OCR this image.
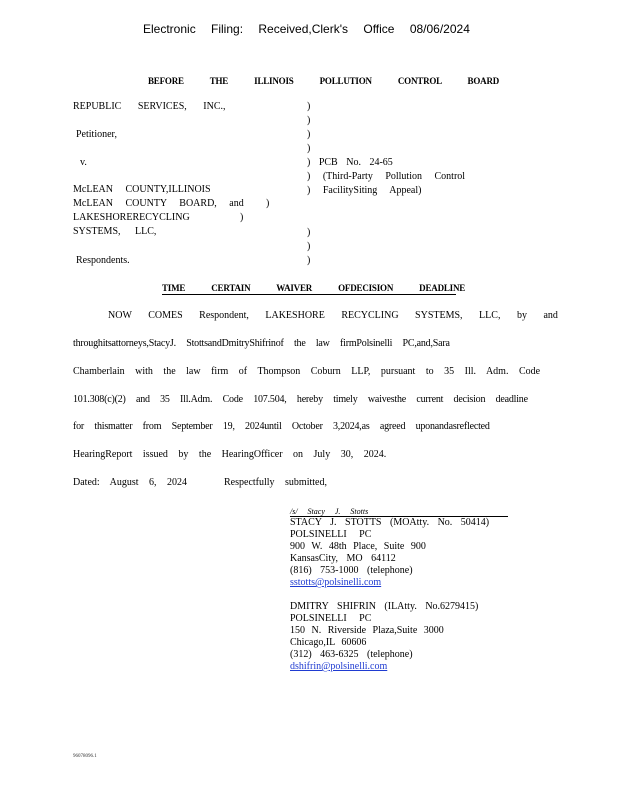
Electronic Filing: Received,Clerk's Office 08/06/2024
BEFORE THE ILLINOIS POLLUTION CONTROL BOARD
REPUBLIC SERVICES, INC.,
Petitioner,
v.
McLEAN COUNTY,ILLINOIS
McLEAN COUNTY BOARD, and )
LAKESHORERECYCLING	)
SYSTEMS, LLC,
Respondents.
)
)
)
)
) PCB No. 24-65
) (Third-Party Pollution Control
) FacilitySiting Appeal)
)
)
)
TIME CERTAIN WAIVER OFDECISION DEADLINE
NOW COMES Respondent, LAKESHORE RECYCLING SYSTEMS, LLC, by and
throughitsattorneys,StacyJ. StottsandDmitryShifrinof the law firmPolsinelli PC,and,Sara
Chamberlain with the law firm of Thompson Coburn LLP, pursuant to 35 Ill. Adm. Code
101.308(c)(2) and 35 Ill.Adm. Code 107.504, hereby timely waivesthe current decision deadline
for thismatter from September 19, 2024until October 3,2024,as agreed uponandasreflected
HearingReport issued by the HearingOfficer on July 30, 2024.
Dated: August 6, 2024	Respectfully submitted,
/s/ Stacy J. Stotts
STACY J. STOTTS (MOAtty. No. 50414)
POLSINELLI PC
900 W. 48th Place, Suite 900
KansasCity, MO 64112
(816) 753-1000 (telephone)
sstotts@polsinelli.com
DMITRY SHIFRIN (ILAtty. No.6279415)
POLSINELLI PC
150 N. Riverside Plaza,Suite 3000
Chicago,IL 60606
(312) 463-6325 (telephone)
dshifrin@polsinelli.com
96078096.1
